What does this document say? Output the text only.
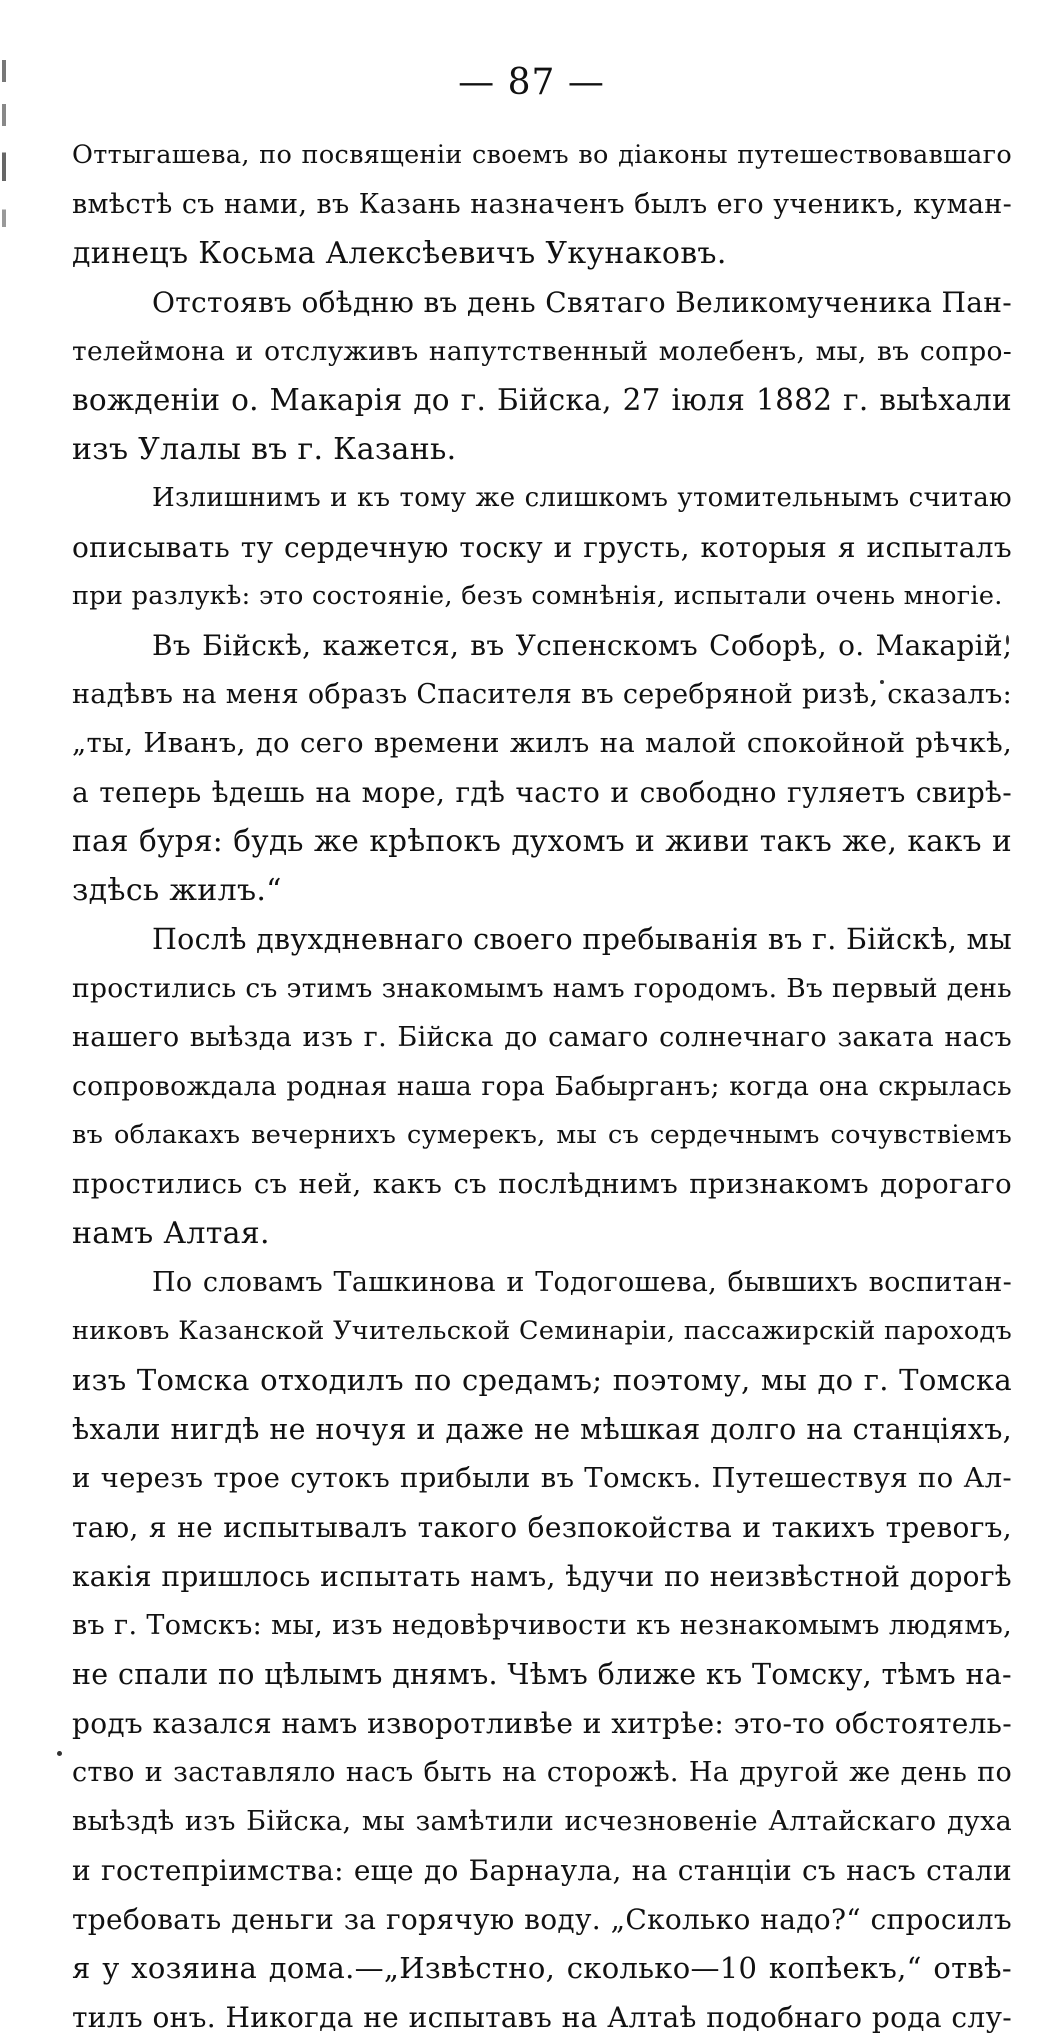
— 87 —
Оттыгашева, по посвященіи своемъ во діаконы путешествовавшаго
вмѣстѣ съ нами, въ Казань назначенъ былъ его ученикъ, куман-
динецъ Косьма Алексѣевичъ Укунаковъ.
Отстоявъ обѣдню въ день Святаго Великомученика Пан-
телеймона и отслуживъ напутственный молебенъ, мы, въ сопро-
вожденіи о. Макарія до г. Бійска, 27 іюля 1882 г. выѣхали
изъ Улалы въ г. Казань.
Излишнимъ и къ тому же слишкомъ утомительнымъ считаю
описывать ту сердечную тоску и грусть, которыя я испыталъ
при разлукѣ: это состояніе, безъ сомнѣнія, испытали очень многіе.
Въ Бійскѣ, кажется, въ Успенскомъ Соборѣ, о. Макарій,
надѣвъ на меня образъ Спасителя въ серебряной ризѣ, сказалъ:
„ты, Иванъ, до сего времени жилъ на малой спокойной рѣчкѣ,
а теперь ѣдешь на море, гдѣ часто и свободно гуляетъ свирѣ-
пая буря: будь же крѣпокъ духомъ и живи такъ же, какъ и
здѣсь жилъ.“
Послѣ двухдневнаго своего пребыванія въ г. Бійскѣ, мы
простились съ этимъ знакомымъ намъ городомъ. Въ первый день
нашего выѣзда изъ г. Бійска до самаго солнечнаго заката насъ
сопровождала родная наша гора Бабырганъ; когда она скрылась
въ облакахъ вечернихъ сумерекъ, мы съ сердечнымъ сочувствіемъ
простились съ ней, какъ съ послѣднимъ признакомъ дорогаго
намъ Алтая.
По словамъ Ташкинова и Тодогошева, бывшихъ воспитан-
никовъ Казанской Учительской Семинаріи, пассажирскій пароходъ
изъ Томска отходилъ по средамъ; поэтому, мы до г. Томска
ѣхали нигдѣ не ночуя и даже не мѣшкая долго на станціяхъ,
и черезъ трое сутокъ прибыли въ Томскъ. Путешествуя по Ал-
таю, я не испытывалъ такого безпокойства и такихъ тревогъ,
какія пришлось испытать намъ, ѣдучи по неизвѣстной дорогѣ
въ г. Томскъ: мы, изъ недовѣрчивости къ незнакомымъ людямъ,
не спали по цѣлымъ днямъ. Чѣмъ ближе къ Томску, тѣмъ на-
родъ казался намъ изворотливѣе и хитрѣе: это-то обстоятель-
ство и заставляло насъ быть на сторожѣ. На другой же день по
выѣздѣ изъ Бійска, мы замѣтили исчезновеніе Алтайскаго духа
и гостепріимства: еще до Барнаула, на станціи съ насъ стали
требовать деньги за горячую воду. „Сколько надо?“ спросилъ
я у хозяина дома.—„Извѣстно, сколько—10 копѣекъ,“ отвѣ-
тилъ онъ. Никогда не испытавъ на Алтаѣ подобнаго рода слу-
